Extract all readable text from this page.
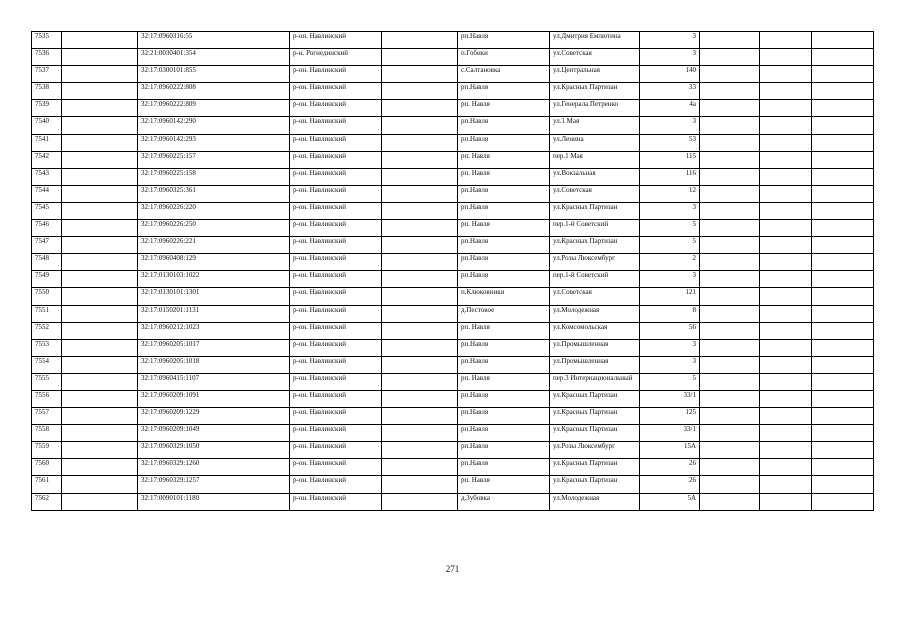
7535		32:17:0960316:55	р-он. Навлинский		рп.Навля	ул.Дмитрия Емлютина	3			
7536		32:21:0030401:354	р-н. Рогнединский		п.Гобики	ул.Советская	3			
7537		32:17:0300101:855	р-он. Навлинский		с.Салтановка	ул.Центральная	140			
7538		32:17:0960222:808	р-он. Навлинский		рп.Навля	ул.Красных Партизан	33			
7539		32:17:0960222:809	р-он. Навлинский		рп. Навля	ул.Генерала Петренко	4а			
7540		32:17:0960142:290	р-он. Навлинский		рп.Навля	ул.1 Мая	3			
7541		32:17:0960142:293	р-он. Навлинский		рп.Навля	ул.Ленина	53			
7542		32:17:0960225:157	р-он. Навлинский		рп. Навля	пер.1 Мая	115			
7543		32:17:0960225:158	р-он. Навлинский		рп. Навля	ул.Вокзальная	116			
7544		32:17:0960325:361	р-он. Навлинский		рп.Навля	ул.Советская	12			
7545		32:17:0960226:220	р-он. Навлинский		рп.Навля	ул.Красных Партизан	3			
7546		32:17:0960226:250	р-он. Навлинский		рп. Навля	пер.1-й Советский	5			
7547		32:17:0960226:221	р-он. Навлинский		рп.Навля	ул.Красных Партизан	5			
7548		32:17:0960408:129	р-он. Навлинский		рп.Навля	ул.Розы Люксембург	2			
7549		32:17:0130103:1022	р-он. Навлинский		рп.Навля	пер.1-й Советский	3			
7550		32:17:0130101:1301	р-он. Навлинский		п.Клюковники	ул.Советская	121			
7551		32:17:0150201:1131	р-он. Навлинский		д.Пестовое	ул.Молодежная	8			
7552		32:17:0960212:1023	р-он. Навлинский		рп. Навля	ул.Комсомольская	56			
7553		32:17:0960205:1017	р-он. Навлинский		рп.Навля	ул.Промышленная	3			
7554		32:17:0960205:1018	р-он. Навлинский		рп.Навля	ул.Промышленная	3			
7555		32:17:0960415:1107	р-он. Навлинский		рп. Навля	пер.3 Интернациональный	5			
7556		32:17:0960209:1091	р-он. Навлинский		рп.Навля	ул.Красных Партизан	33/1			
7557		32:17:0960209:1229	р-он. Навлинский		рп.Навля	ул.Красных Партизан	125			
7558		32:17:0960209:1049	р-он. Навлинский		рп.Навля	ул.Красных Партизан	33/1			
7559		32:17:0960329:1050	р-он. Навлинский		рп.Навля	ул.Розы Люксембург	15А			
7560		32:17:0960329:1260	р-он. Навлинский		рп.Навля	ул.Красных Партизан	26			
7561		32:17:0960329:1257	р-он. Навлинский		рп. Навля	ул.Красных Партизан	26			
7562		32:17:0090101:1180	р-он. Навлинский		д.Зубовка	ул.Молодежная	5А			
271
